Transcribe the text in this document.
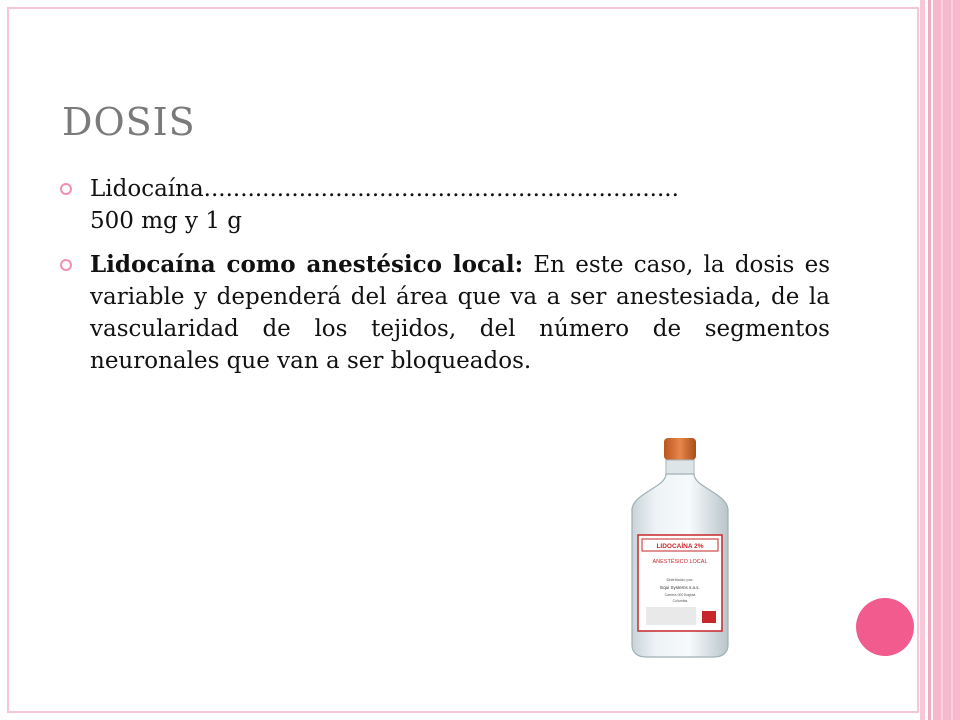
DOSIS
Lidocaína.................................................................
500 mg y 1 g
Lidocaína como anestésico local: En este caso, la dosis es variable y dependerá del área que va a ser anestesiada, de la vascularidad de los tejidos, del número de segmentos neuronales que van a ser bloqueados.
LIDOCAÍNA 2%
ANESTÉSICO LOCAL
Distribuido por:
Equi Systems s.a.s.
Carrera 000 Bogotá
Colombia
